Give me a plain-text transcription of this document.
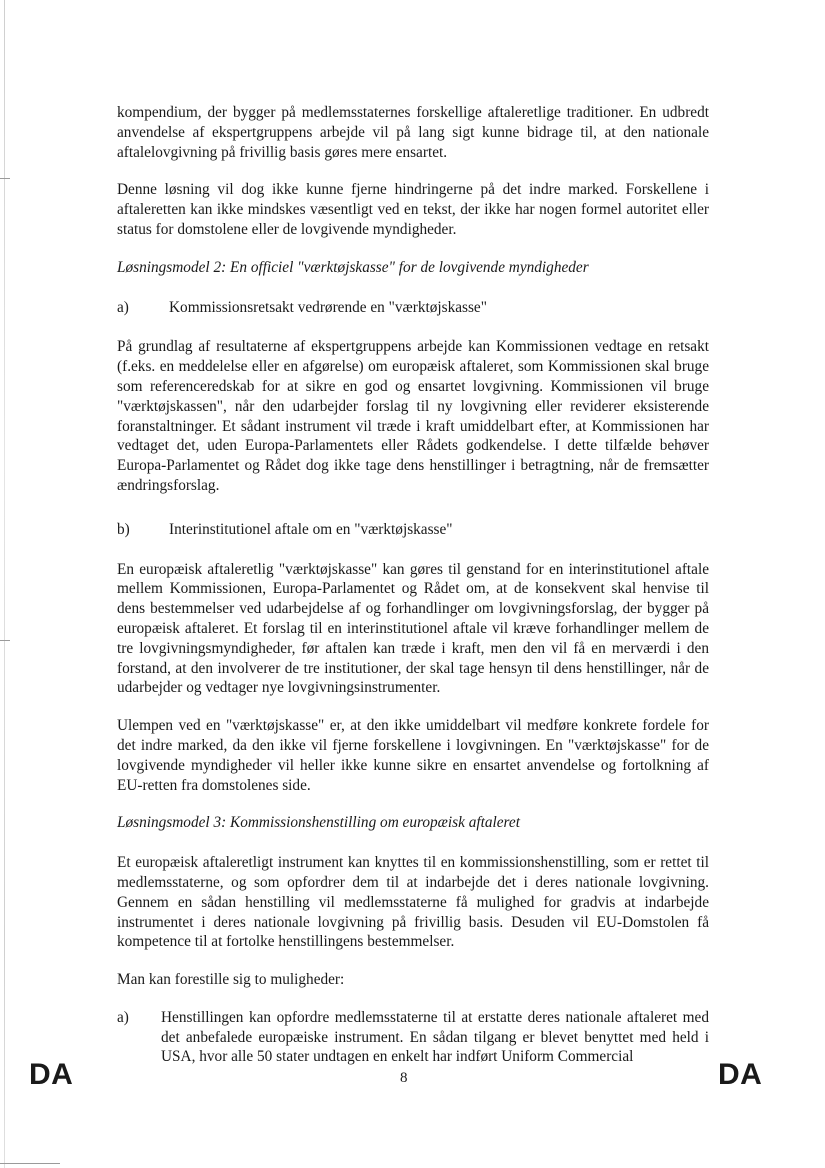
kompendium, der bygger på medlemsstaternes forskellige aftaleretlige traditioner. En udbredt anvendelse af ekspertgruppens arbejde vil på lang sigt kunne bidrage til, at den nationale aftalelovgivning på frivillig basis gøres mere ensartet.

Denne løsning vil dog ikke kunne fjerne hindringerne på det indre marked. Forskellene i aftaleretten kan ikke mindskes væsentligt ved en tekst, der ikke har nogen formel autoritet eller status for domstolene eller de lovgivende myndigheder.

Løsningsmodel 2: En officiel "værktøjskasse" for de lovgivende myndigheder

a)	Kommissionsretsakt vedrørende en "værktøjskasse"

På grundlag af resultaterne af ekspertgruppens arbejde kan Kommissionen vedtage en retsakt (f.eks. en meddelelse eller en afgørelse) om europæisk aftaleret, som Kommissionen skal bruge som referenceredskab for at sikre en god og ensartet lovgivning. Kommissionen vil bruge "værktøjskassen", når den udarbejder forslag til ny lovgivning eller reviderer eksisterende foranstaltninger. Et sådant instrument vil træde i kraft umiddelbart efter, at Kommissionen har vedtaget det, uden Europa-Parlamentets eller Rådets godkendelse. I dette tilfælde behøver Europa-Parlamentet og Rådet dog ikke tage dens henstillinger i betragtning, når de fremsætter ændringsforslag.

b)	Interinstitutionel aftale om en "værktøjskasse"

En europæisk aftaleretlig "værktøjskasse" kan gøres til genstand for en interinstitutionel aftale mellem Kommissionen, Europa-Parlamentet og Rådet om, at de konsekvent skal henvise til dens bestemmelser ved udarbejdelse af og forhandlinger om lovgivningsforslag, der bygger på europæisk aftaleret. Et forslag til en interinstitutionel aftale vil kræve forhandlinger mellem de tre lovgivningsmyndigheder, før aftalen kan træde i kraft, men den vil få en merværdi i den forstand, at den involverer de tre institutioner, der skal tage hensyn til dens henstillinger, når de udarbejder og vedtager nye lovgivningsinstrumenter.

Ulempen ved en "værktøjskasse" er, at den ikke umiddelbart vil medføre konkrete fordele for det indre marked, da den ikke vil fjerne forskellene i lovgivningen. En "værktøjskasse" for de lovgivende myndigheder vil heller ikke kunne sikre en ensartet anvendelse og fortolkning af EU-retten fra domstolenes side.

Løsningsmodel 3: Kommissionshenstilling om europæisk aftaleret

Et europæisk aftaleretligt instrument kan knyttes til en kommissionshenstilling, som er rettet til medlemsstaterne, og som opfordrer dem til at indarbejde det i deres nationale lovgivning. Gennem en sådan henstilling vil medlemsstaterne få mulighed for gradvis at indarbejde instrumentet i deres nationale lovgivning på frivillig basis. Desuden vil EU-Domstolen få kompetence til at fortolke henstillingens bestemmelser.

Man kan forestille sig to muligheder:

a)	Henstillingen kan opfordre medlemsstaterne til at erstatte deres nationale aftaleret med det anbefalede europæiske instrument. En sådan tilgang er blevet benyttet med held i USA, hvor alle 50 stater undtagen en enkelt har indført Uniform Commercial
DA	8	DA
